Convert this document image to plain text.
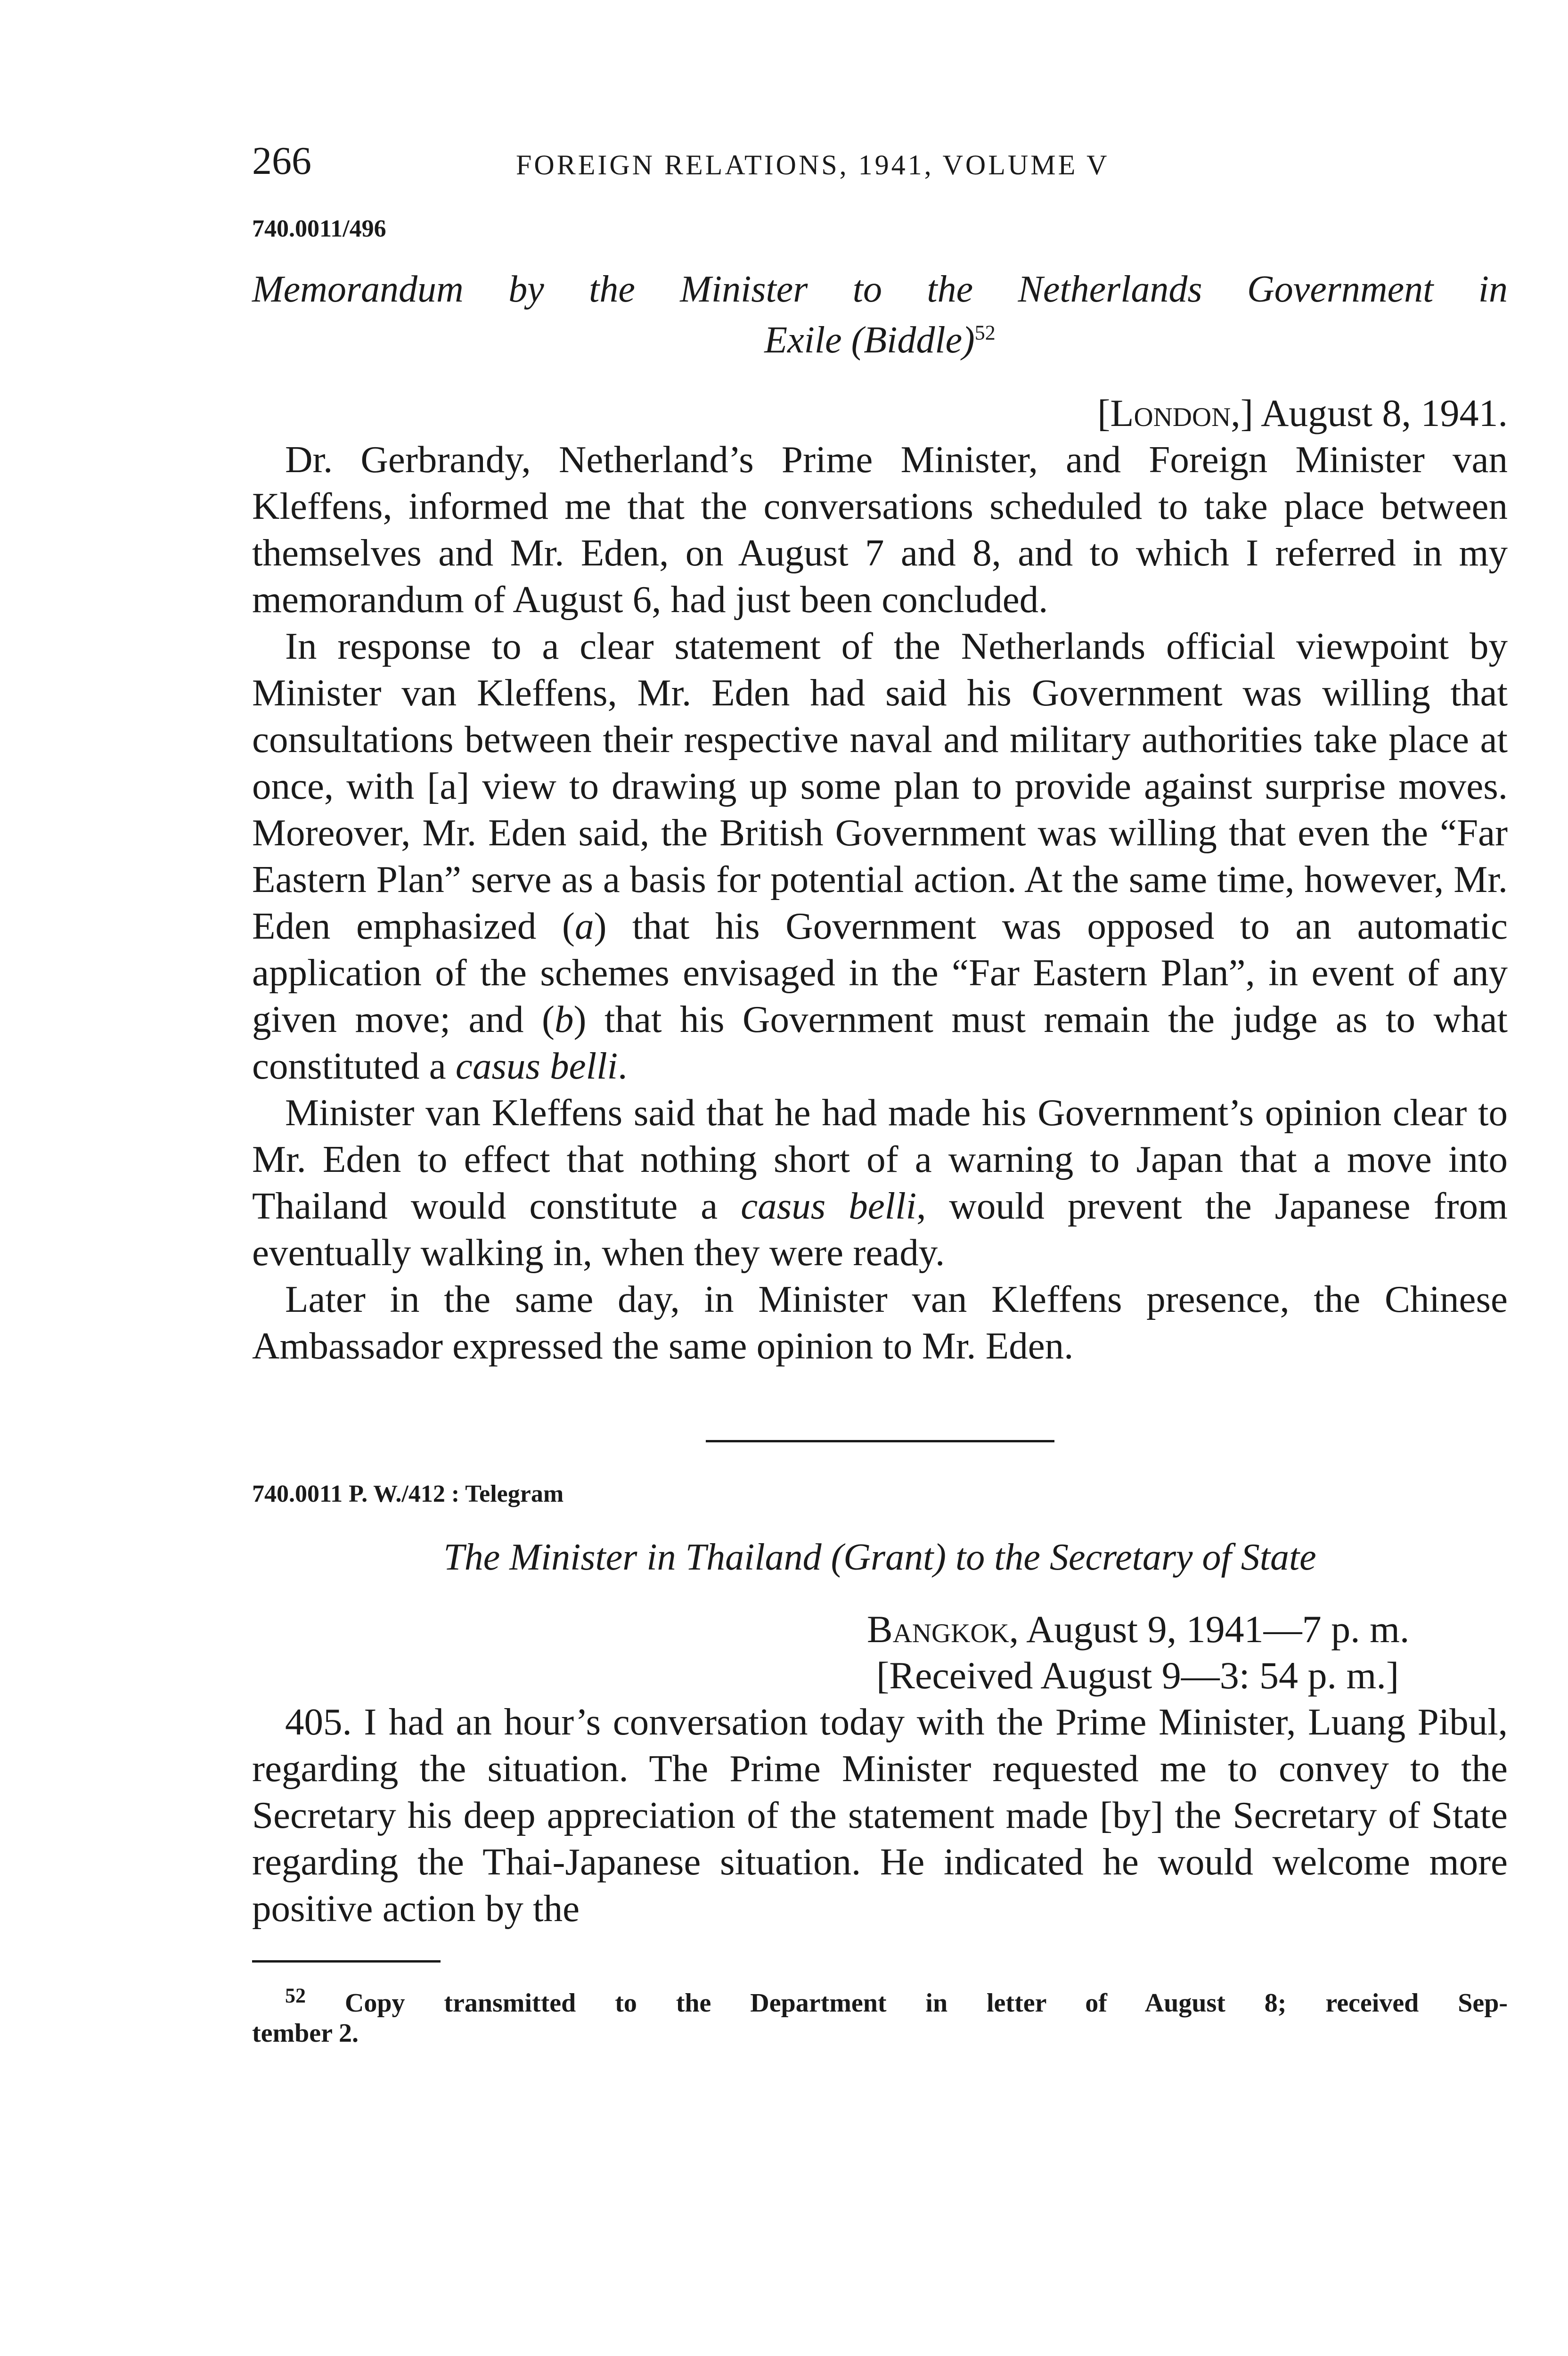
266	FOREIGN RELATIONS, 1941, VOLUME V
740.0011/496
Memorandum by the Minister to the Netherlands Government in
Exile (Biddle)$^{52}$
[London,] August 8, 1941.

Dr. Gerbrandy, Netherland’s Prime Minister, and Foreign Minister van Kleffens, informed me that the conversations scheduled to take place between themselves and Mr. Eden, on August 7 and 8, and to which I referred in my memorandum of August 6, had just been concluded.

In response to a clear statement of the Netherlands official viewpoint by Minister van Kleffens, Mr. Eden had said his Government was willing that consultations between their respective naval and military authorities take place at once, with [a] view to drawing up some plan to provide against surprise moves. Moreover, Mr. Eden said, the British Government was willing that even the “Far Eastern Plan” serve as a basis for potential action. At the same time, however, Mr. Eden emphasized (a) that his Government was opposed to an automatic application of the schemes envisaged in the “Far Eastern Plan”, in event of any given move; and (b) that his Government must remain the judge as to what constituted a casus belli.

Minister van Kleffens said that he had made his Government’s opinion clear to Mr. Eden to effect that nothing short of a warning to Japan that a move into Thailand would constitute a casus belli, would prevent the Japanese from eventually walking in, when they were ready.

Later in the same day, in Minister van Kleffens presence, the Chinese Ambassador expressed the same opinion to Mr. Eden.

740.0011 P. W./412 : Telegram
The Minister in Thailand (Grant) to the Secretary of State
Bangkok, August 9, 1941—7 p. m.
[Received August 9—3: 54 p. m.]

405. I had an hour’s conversation today with the Prime Minister, Luang Pibul, regarding the situation. The Prime Minister requested me to convey to the Secretary his deep appreciation of the statement made [by] the Secretary of State regarding the Thai-Japanese situation. He indicated he would welcome more positive action by the

$^{52}$ Copy transmitted to the Department in letter of August 8; received Sep-
tember 2.
